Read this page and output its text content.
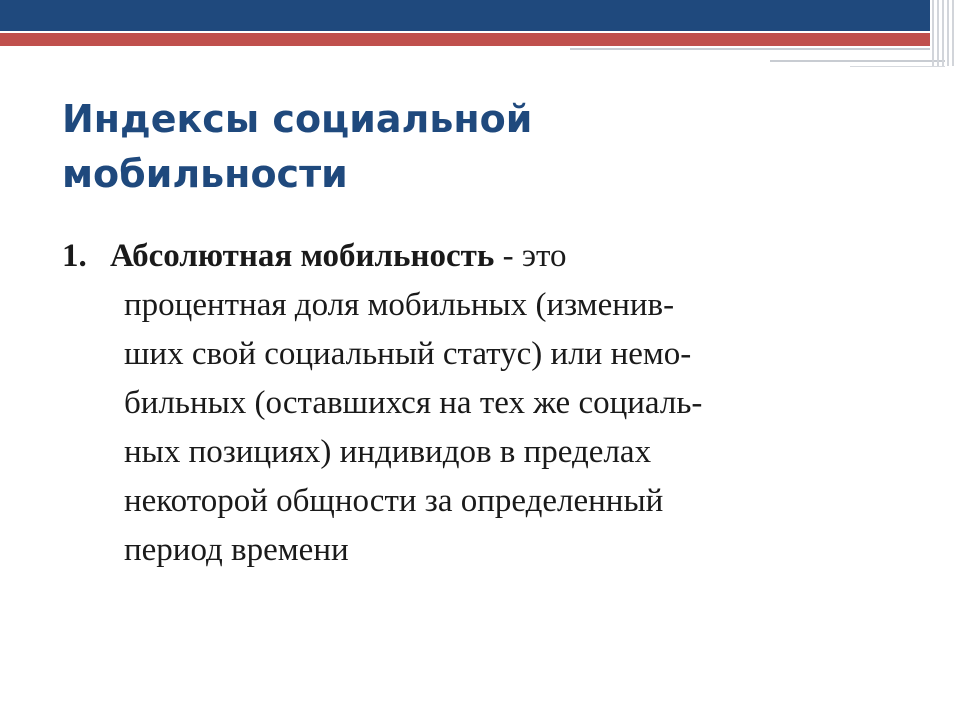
Индексы социальной
мобильности

1. Абсолютная мобильность - это
процентная доля мобильных (изменив-
ших свой социальный статус) или немо-
бильных (оставшихся на тех же социаль-
ных позициях) индивидов в пределах
некоторой общности за определенный
период времени
